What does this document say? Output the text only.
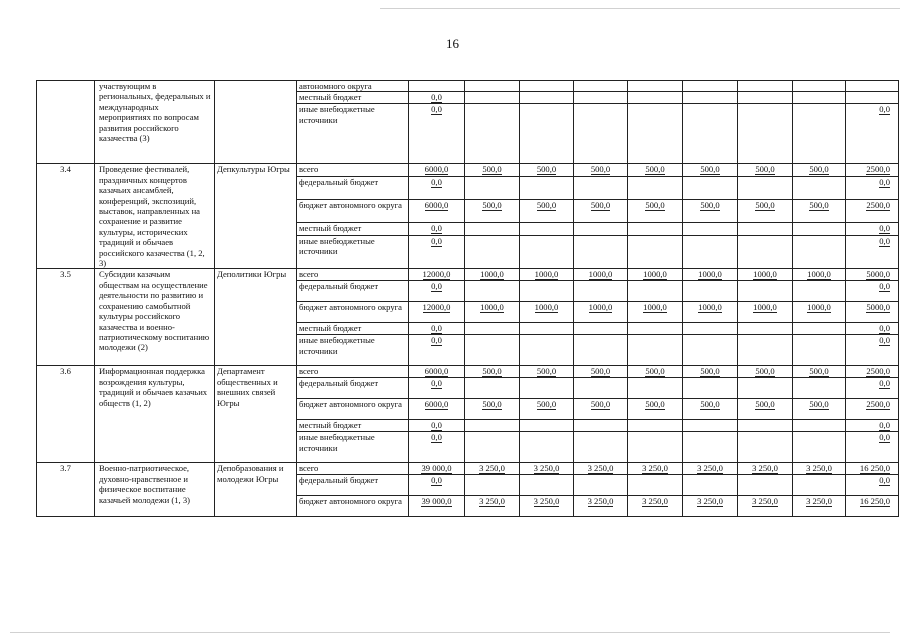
16
	участвующим в региональных, федеральных и международных мероприятиях по вопросам развития российского казачества (3)		автономного округа									
			местный бюджет	0,0								
			иные внебюджетные источники	0,0								0,0
3.4	Проведение фестивалей, праздничных концертов казачьих ансамблей, конференций, экспозиций, выставок, направленных на сохранение и развитие культуры, исторических традиций и обычаев российского казачества (1, 2, 3)	Депкультуры Югры	всего	6000,0	500,0	500,0	500,0	500,0	500,0	500,0	500,0	2500,0
			федеральный бюджет	0,0								0,0
			бюджет автономного округа	6000,0	500,0	500,0	500,0	500,0	500,0	500,0	500,0	2500,0
			местный бюджет	0,0								0,0
			иные внебюджетные источники	0,0								0,0
3.5	Субсидии казачьим обществам на осуществление деятельности по развитию и сохранению самобытной культуры российского казачества и военно-патриотическому воспитанию молодежи (2)	Деполитики Югры	всего	12000,0	1000,0	1000,0	1000,0	1000,0	1000,0	1000,0	1000,0	5000,0
			федеральный бюджет	0,0								0,0
			бюджет автономного округа	12000,0	1000,0	1000,0	1000,0	1000,0	1000,0	1000,0	1000,0	5000,0
			местный бюджет	0,0								0,0
			иные внебюджетные источники	0,0								0,0
3.6	Информационная поддержка возрождения культуры, традиций и обычаев казачьих обществ (1, 2)	Департамент общественных и внешних связей Югры	всего	6000,0	500,0	500,0	500,0	500,0	500,0	500,0	500,0	2500,0
			федеральный бюджет	0,0								0,0
			бюджет автономного округа	6000,0	500,0	500,0	500,0	500,0	500,0	500,0	500,0	2500,0
			местный бюджет	0,0								0,0
			иные внебюджетные источники	0,0								0,0
3.7	Военно-патриотическое, духовно-нравственное и физическое воспитание казачьей молодежи (1, 3)	Депобразования и молодежи Югры	всего	39 000,0	3 250,0	3 250,0	3 250,0	3 250,0	3 250,0	3 250,0	3 250,0	16 250,0
			федеральный бюджет	0,0								0,0
			бюджет автономного округа	39 000,0	3 250,0	3 250,0	3 250,0	3 250,0	3 250,0	3 250,0	3 250,0	16 250,0
